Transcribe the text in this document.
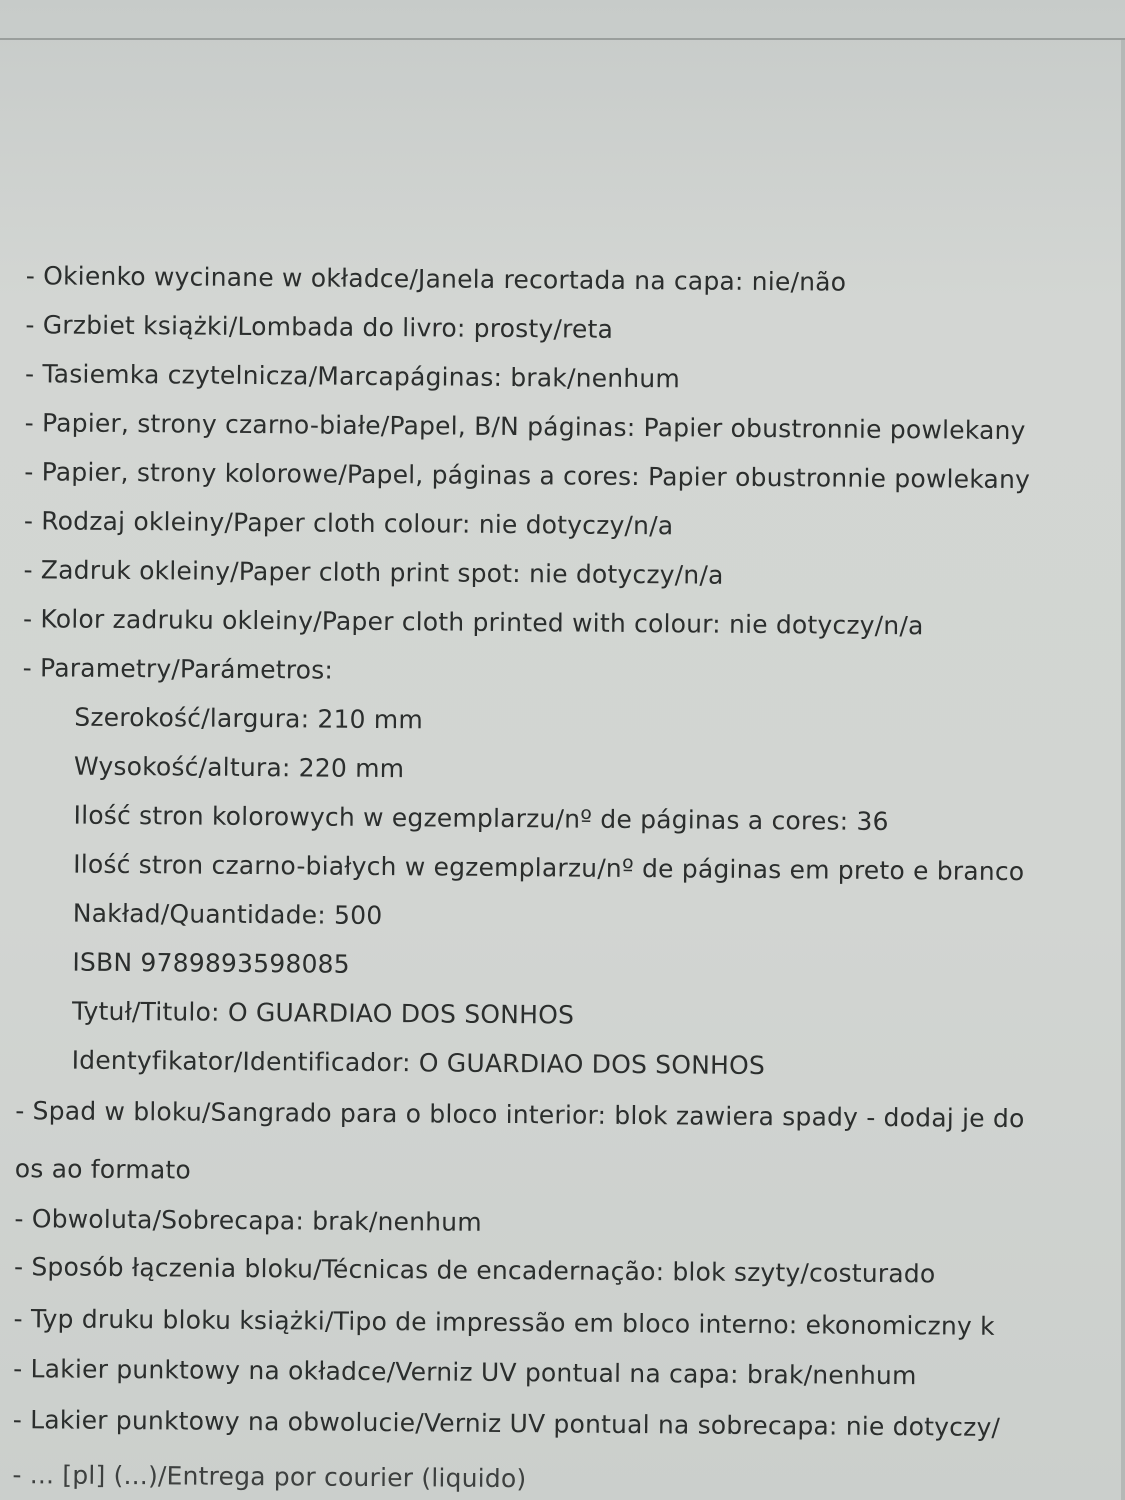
- Okienko wycinane w okładce/Janela recortada na capa: nie/não
- Grzbiet książki/Lombada do livro: prosty/reta
- Tasiemka czytelnicza/Marcapáginas: brak/nenhum
- Papier, strony czarno-białe/Papel, B/N páginas: Papier obustronnie powlekany
- Papier, strony kolorowe/Papel, páginas a cores: Papier obustronnie powlekany
- Rodzaj okleiny/Paper cloth colour: nie dotyczy/n/a
- Zadruk okleiny/Paper cloth print spot: nie dotyczy/n/a
- Kolor zadruku okleiny/Paper cloth printed with colour: nie dotyczy/n/a
- Parametry/Parámetros:
Szerokość/largura: 210 mm
Wysokość/altura: 220 mm
Ilość stron kolorowych w egzemplarzu/nº de páginas a cores: 36
Ilość stron czarno-białych w egzemplarzu/nº de páginas em preto e branco
Nakład/Quantidade: 500
ISBN 9789893598085
Tytuł/Titulo: O GUARDIAO DOS SONHOS
Identyfikator/Identificador: O GUARDIAO DOS SONHOS
- Spad w bloku/Sangrado para o bloco interior: blok zawiera spady - dodaj je do
os ao formato
- Obwoluta/Sobrecapa: brak/nenhum
- Sposób łączenia bloku/Técnicas de encadernação: blok szyty/costurado
- Typ druku bloku książki/Tipo de impressão em bloco interno: ekonomiczny k
- Lakier punktowy na okładce/Verniz UV pontual na capa: brak/nenhum
- Lakier punktowy na obwolucie/Verniz UV pontual na sobrecapa: nie dotyczy/
- ... [pl] (...)/Entrega por courier (liquido)
